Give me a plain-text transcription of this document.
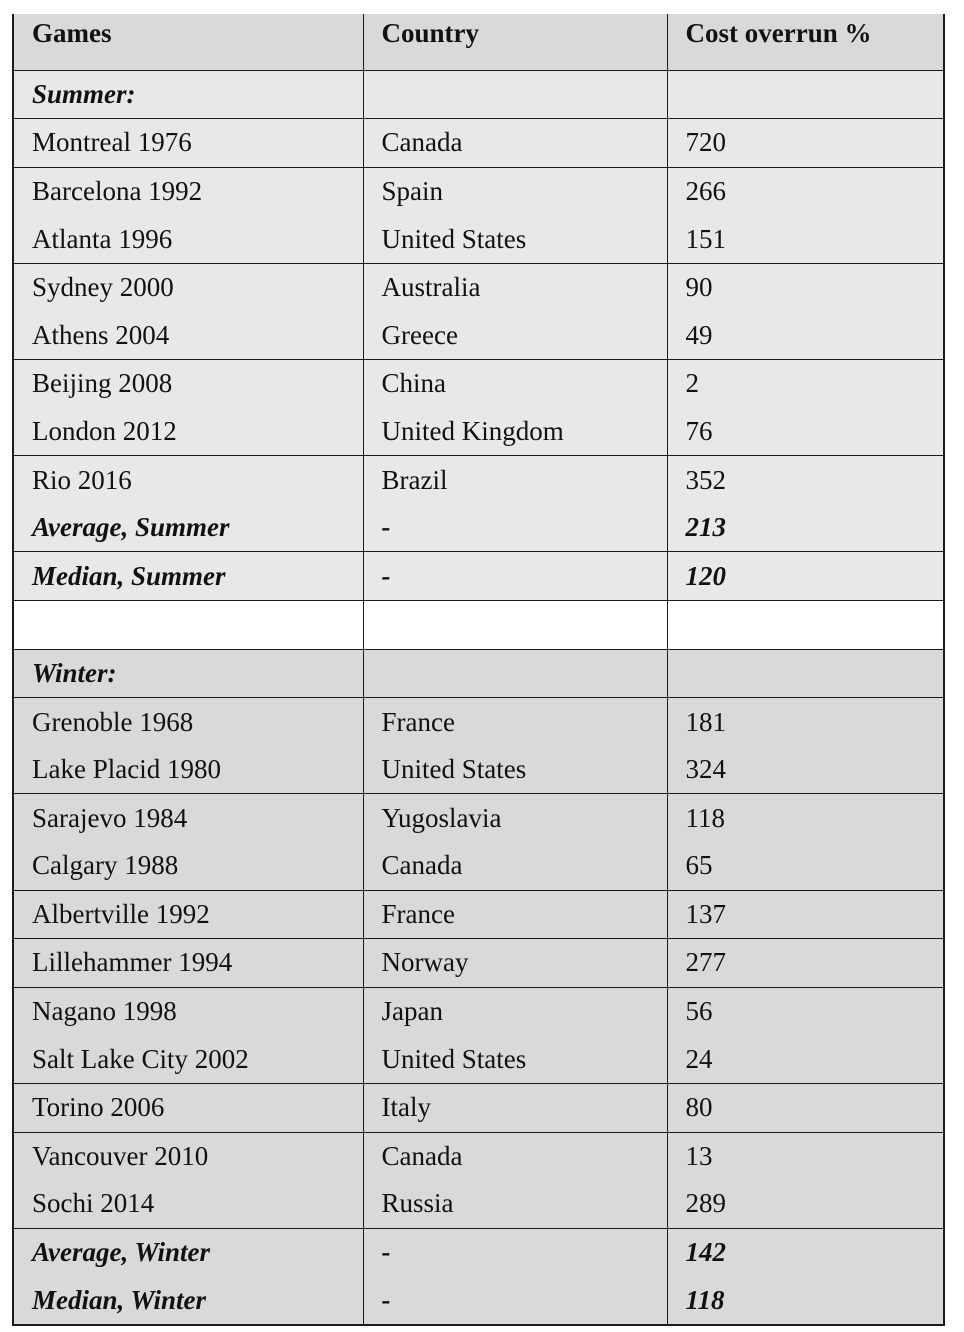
Games	Country	Cost overrun %
Summer:		
Montreal 1976	Canada	720
Barcelona 1992	Spain	266
Atlanta 1996	United States	151
Sydney 2000	Australia	90
Athens 2004	Greece	49
Beijing 2008	China	2
London 2012	United Kingdom	76
Rio 2016	Brazil	352
Average, Summer	-	213
Median, Summer	-	120

Winter:		
Grenoble 1968	France	181
Lake Placid 1980	United States	324
Sarajevo 1984	Yugoslavia	118
Calgary 1988	Canada	65
Albertville 1992	France	137
Lillehammer 1994	Norway	277
Nagano 1998	Japan	56
Salt Lake City 2002	United States	24
Torino 2006	Italy	80
Vancouver 2010	Canada	13
Sochi 2014	Russia	289
Average, Winter	-	142
Median, Winter	-	118
